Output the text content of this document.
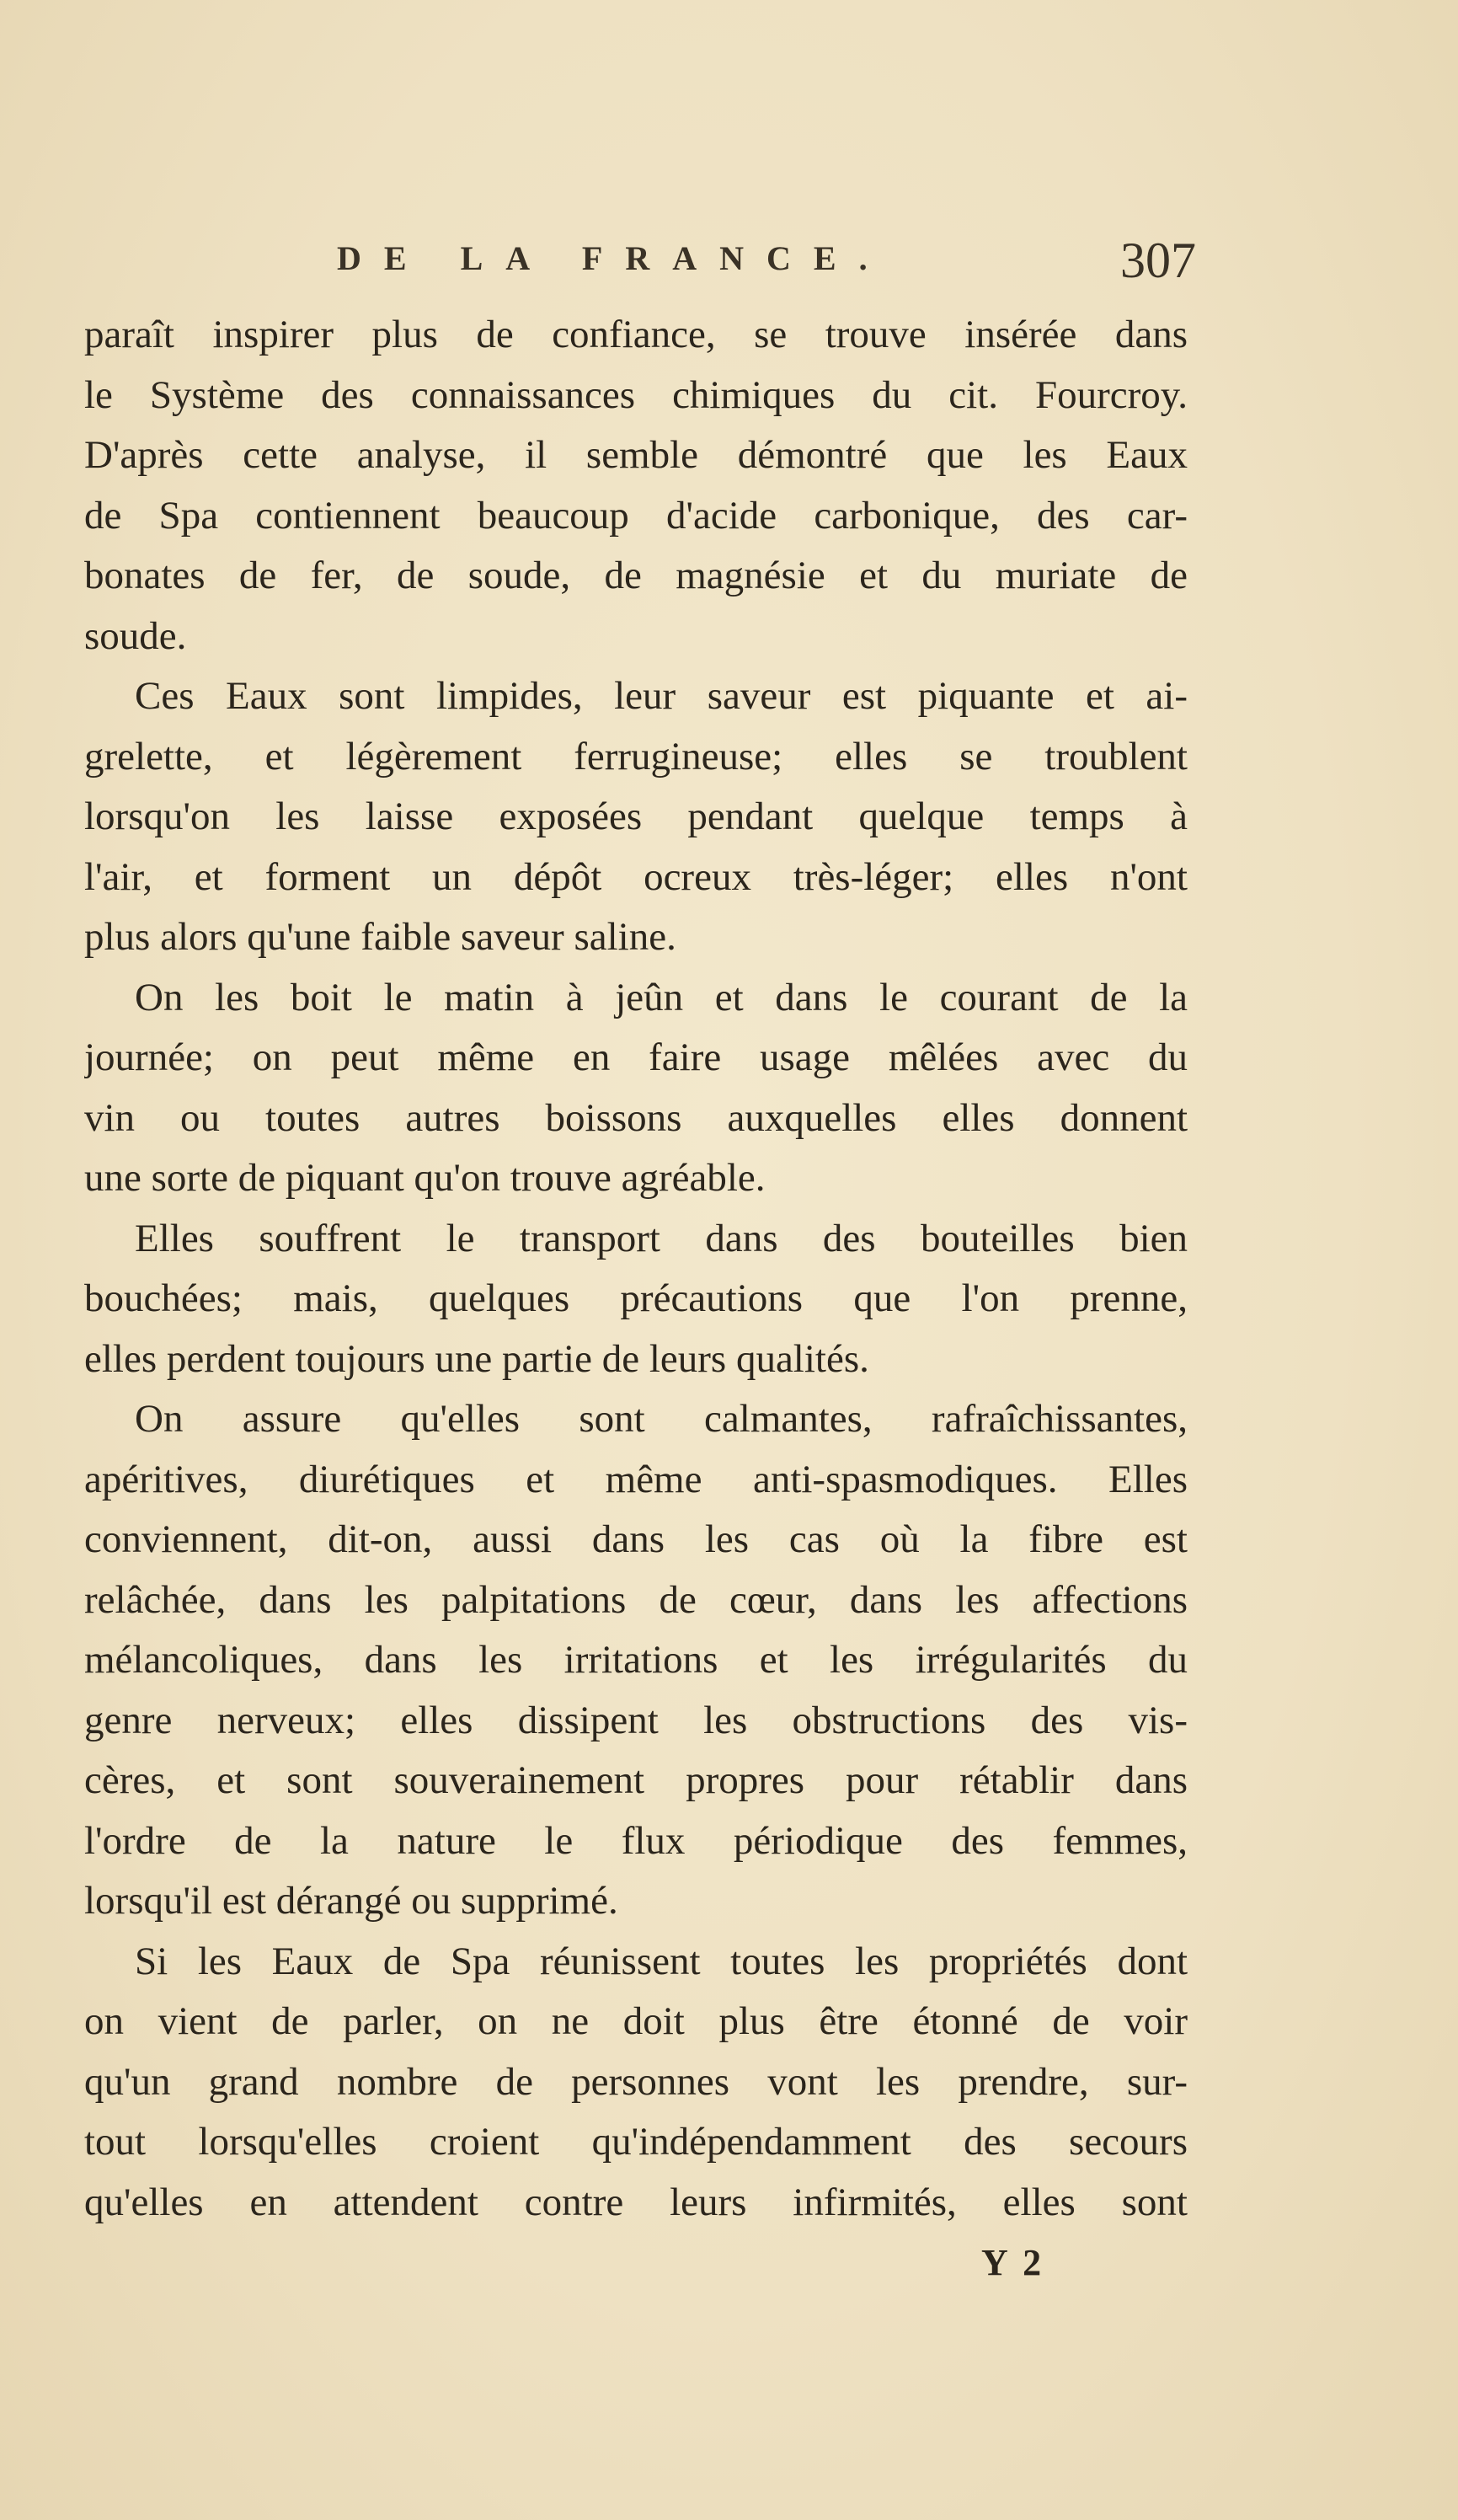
DE LA FRANCE.	307
paraît inspirer plus de confiance, se trouve insérée dans
le Système des connaissances chimiques du cit. Fourcroy.
D'après cette analyse, il semble démontré que les Eaux
de Spa contiennent beaucoup d'acide carbonique, des car-
bonates de fer, de soude, de magnésie et du muriate de
soude.
Ces Eaux sont limpides, leur saveur est piquante et ai-
grelette, et légèrement ferrugineuse; elles se troublent
lorsqu'on les laisse exposées pendant quelque temps à
l'air, et forment un dépôt ocreux très-léger; elles n'ont
plus alors qu'une faible saveur saline.
On les boit le matin à jeûn et dans le courant de la
journée; on peut même en faire usage mêlées avec du
vin ou toutes autres boissons auxquelles elles donnent
une sorte de piquant qu'on trouve agréable.
Elles souffrent le transport dans des bouteilles bien
bouchées; mais, quelques précautions que l'on prenne,
elles perdent toujours une partie de leurs qualités.
On assure qu'elles sont calmantes, rafraîchissantes,
apéritives, diurétiques et même anti-spasmodiques. Elles
conviennent, dit-on, aussi dans les cas où la fibre est
relâchée, dans les palpitations de cœur, dans les affections
mélancoliques, dans les irritations et les irrégularités du
genre nerveux; elles dissipent les obstructions des vis-
cères, et sont souverainement propres pour rétablir dans
l'ordre de la nature le flux périodique des femmes,
lorsqu'il est dérangé ou supprimé.
Si les Eaux de Spa réunissent toutes les propriétés dont
on vient de parler, on ne doit plus être étonné de voir
qu'un grand nombre de personnes vont les prendre, sur-
tout lorsqu'elles croient qu'indépendamment des secours
qu'elles en attendent contre leurs infirmités, elles sont
Y 2
